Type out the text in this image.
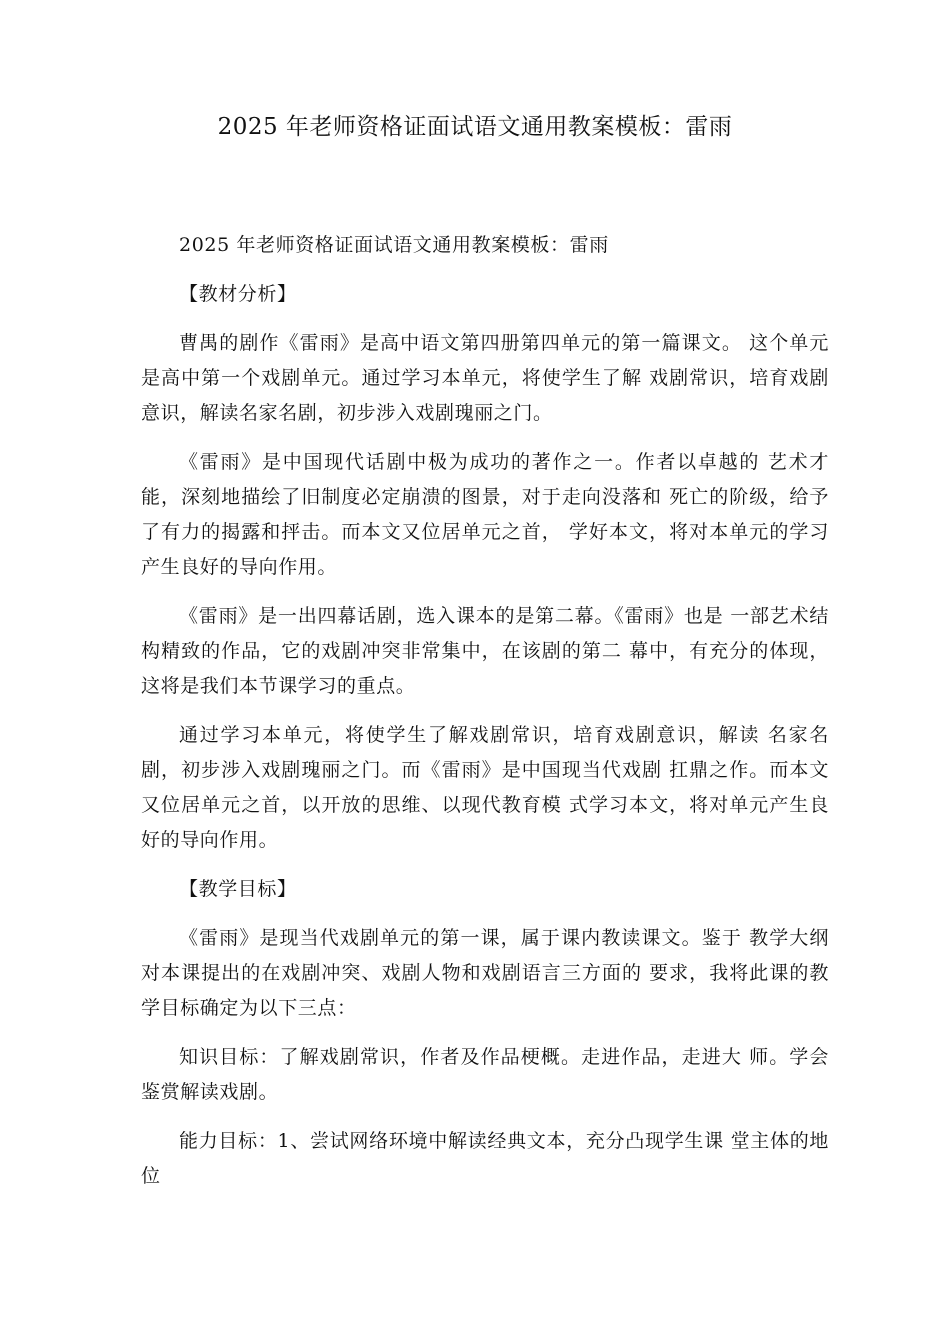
2025 年老师资格证面试语文通用教案模板：雷雨

2025 年老师资格证面试语文通用教案模板：雷雨

【教材分析】

曹禺的剧作《雷雨》是高中语文第四册第四单元的第一篇课文。 这个单元是高中第一个戏剧单元。通过学习本单元，将使学生了解 戏剧常识，培育戏剧意识，解读名家名剧，初步涉入戏剧瑰丽之门。

《雷雨》是中国现代话剧中极为成功的著作之一。作者以卓越的 艺术才能，深刻地描绘了旧制度必定崩溃的图景，对于走向没落和 死亡的阶级，给予了有力的揭露和抨击。而本文又位居单元之首， 学好本文，将对本单元的学习产生良好的导向作用。

《雷雨》是一出四幕话剧，选入课本的是第二幕。《雷雨》也是 一部艺术结构精致的作品，它的戏剧冲突非常集中，在该剧的第二 幕中，有充分的体现，这将是我们本节课学习的重点。

通过学习本单元，将使学生了解戏剧常识，培育戏剧意识，解读 名家名剧，初步涉入戏剧瑰丽之门。而《雷雨》是中国现当代戏剧 扛鼎之作。而本文又位居单元之首，以开放的思维、以现代教育模 式学习本文，将对单元产生良好的导向作用。

【教学目标】

《雷雨》是现当代戏剧单元的第一课，属于课内教读课文。鉴于 教学大纲对本课提出的在戏剧冲突、戏剧人物和戏剧语言三方面的 要求，我将此课的教学目标确定为以下三点：

知识目标：了解戏剧常识，作者及作品梗概。走进作品，走进大 师。学会鉴赏解读戏剧。

能力目标：1、尝试网络环境中解读经典文本，充分凸现学生课 堂主体的地位
